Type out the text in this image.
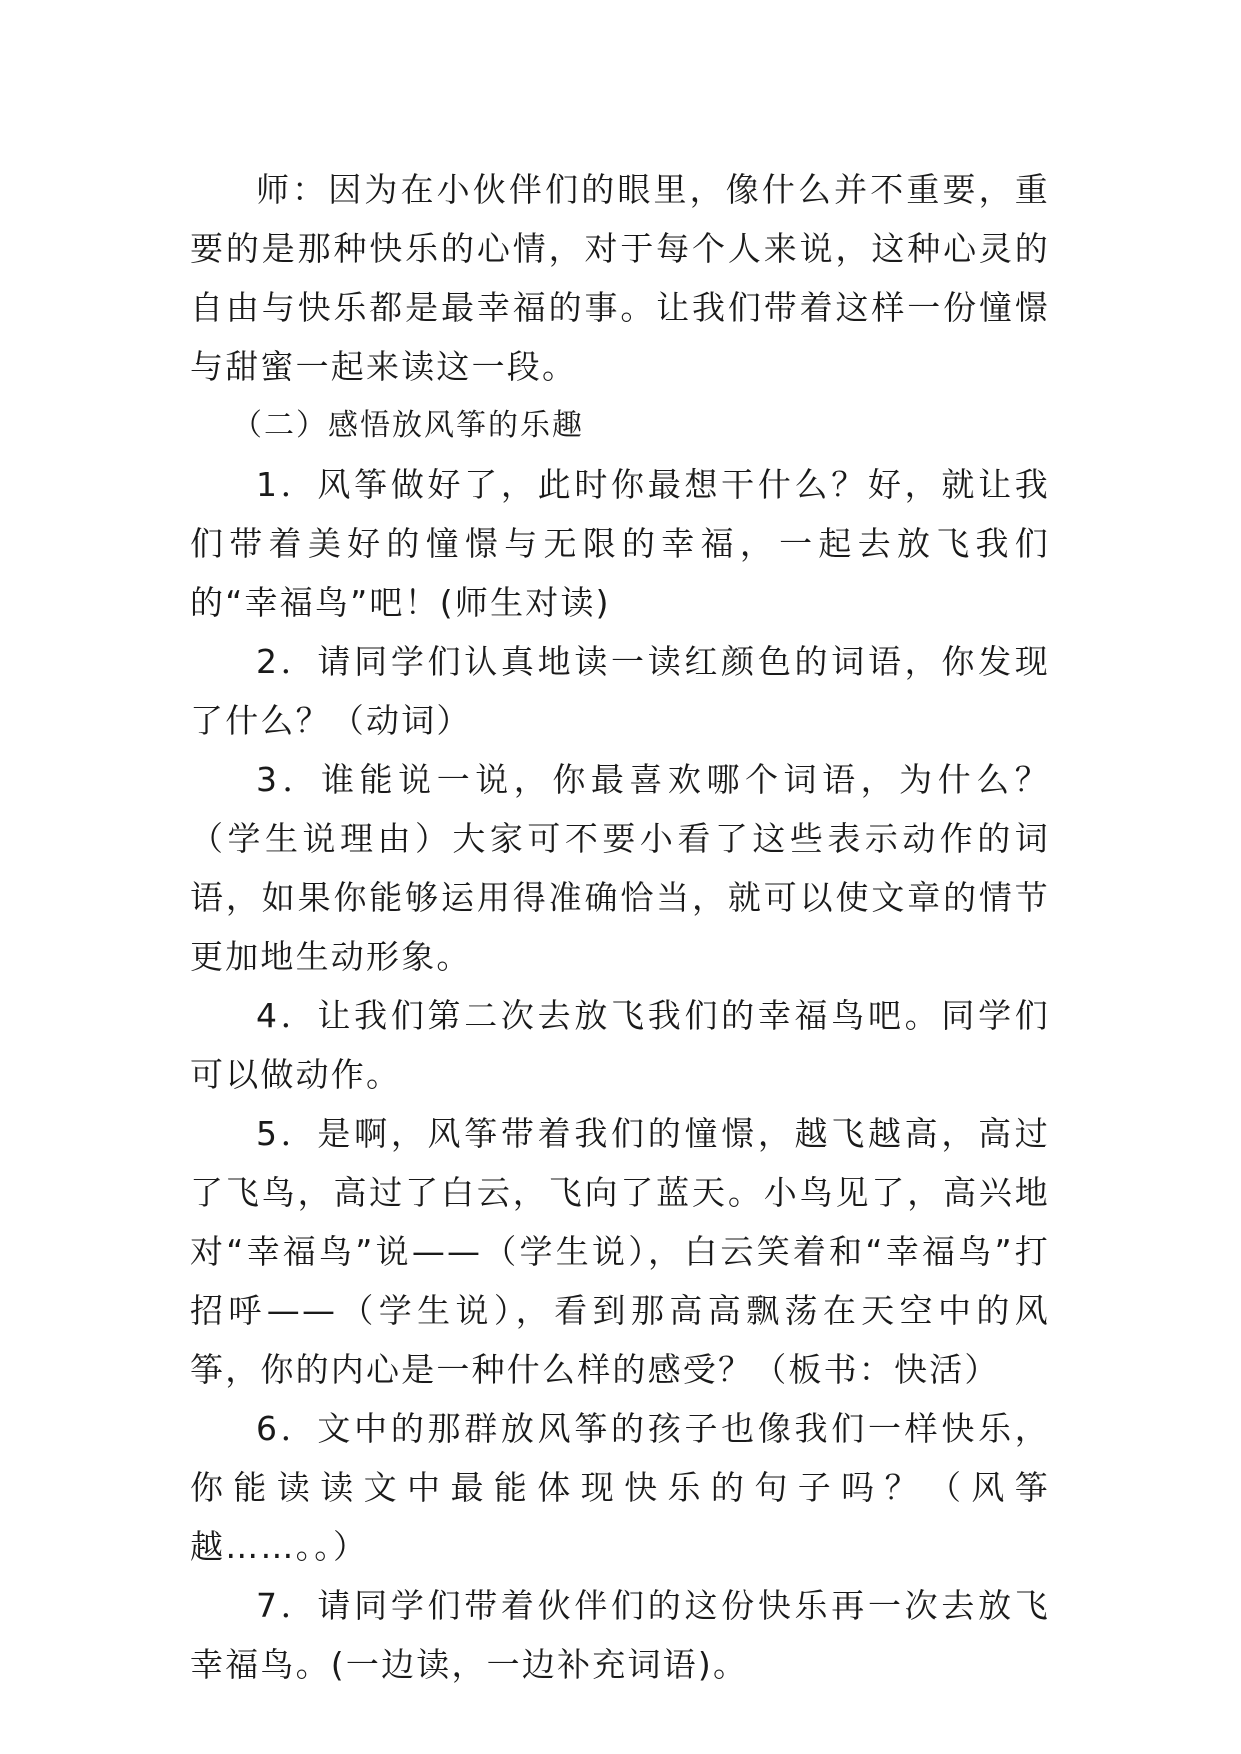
师：因为在小伙伴们的眼里，像什么并不重要，重要的是那种快乐的心情，对于每个人来说，这种心灵的自由与快乐都是最幸福的事。让我们带着这样一份憧憬与甜蜜一起来读这一段。

（二）感悟放风筝的乐趣

1．风筝做好了，此时你最想干什么？好，就让我们带着美好的憧憬与无限的幸福，一起去放飞我们的“幸福鸟”吧！(师生对读)

2．请同学们认真地读一读红颜色的词语，你发现了什么？（动词）

3．谁能说一说，你最喜欢哪个词语，为什么？（学生说理由）大家可不要小看了这些表示动作的词语，如果你能够运用得准确恰当，就可以使文章的情节更加地生动形象。

4．让我们第二次去放飞我们的幸福鸟吧。同学们可以做动作。

5．是啊，风筝带着我们的憧憬，越飞越高，高过了飞鸟，高过了白云，飞向了蓝天。小鸟见了，高兴地对“幸福鸟”说——（学生说），白云笑着和“幸福鸟”打招呼——（学生说），看到那高高飘荡在天空中的风筝，你的内心是一种什么样的感受？（板书：快活）

6．文中的那群放风筝的孩子也像我们一样快乐，你能读读文中最能体现快乐的句子吗？（风筝越……。。）

7．请同学们带着伙伴们的这份快乐再一次去放飞幸福鸟。(一边读，一边补充词语)。
